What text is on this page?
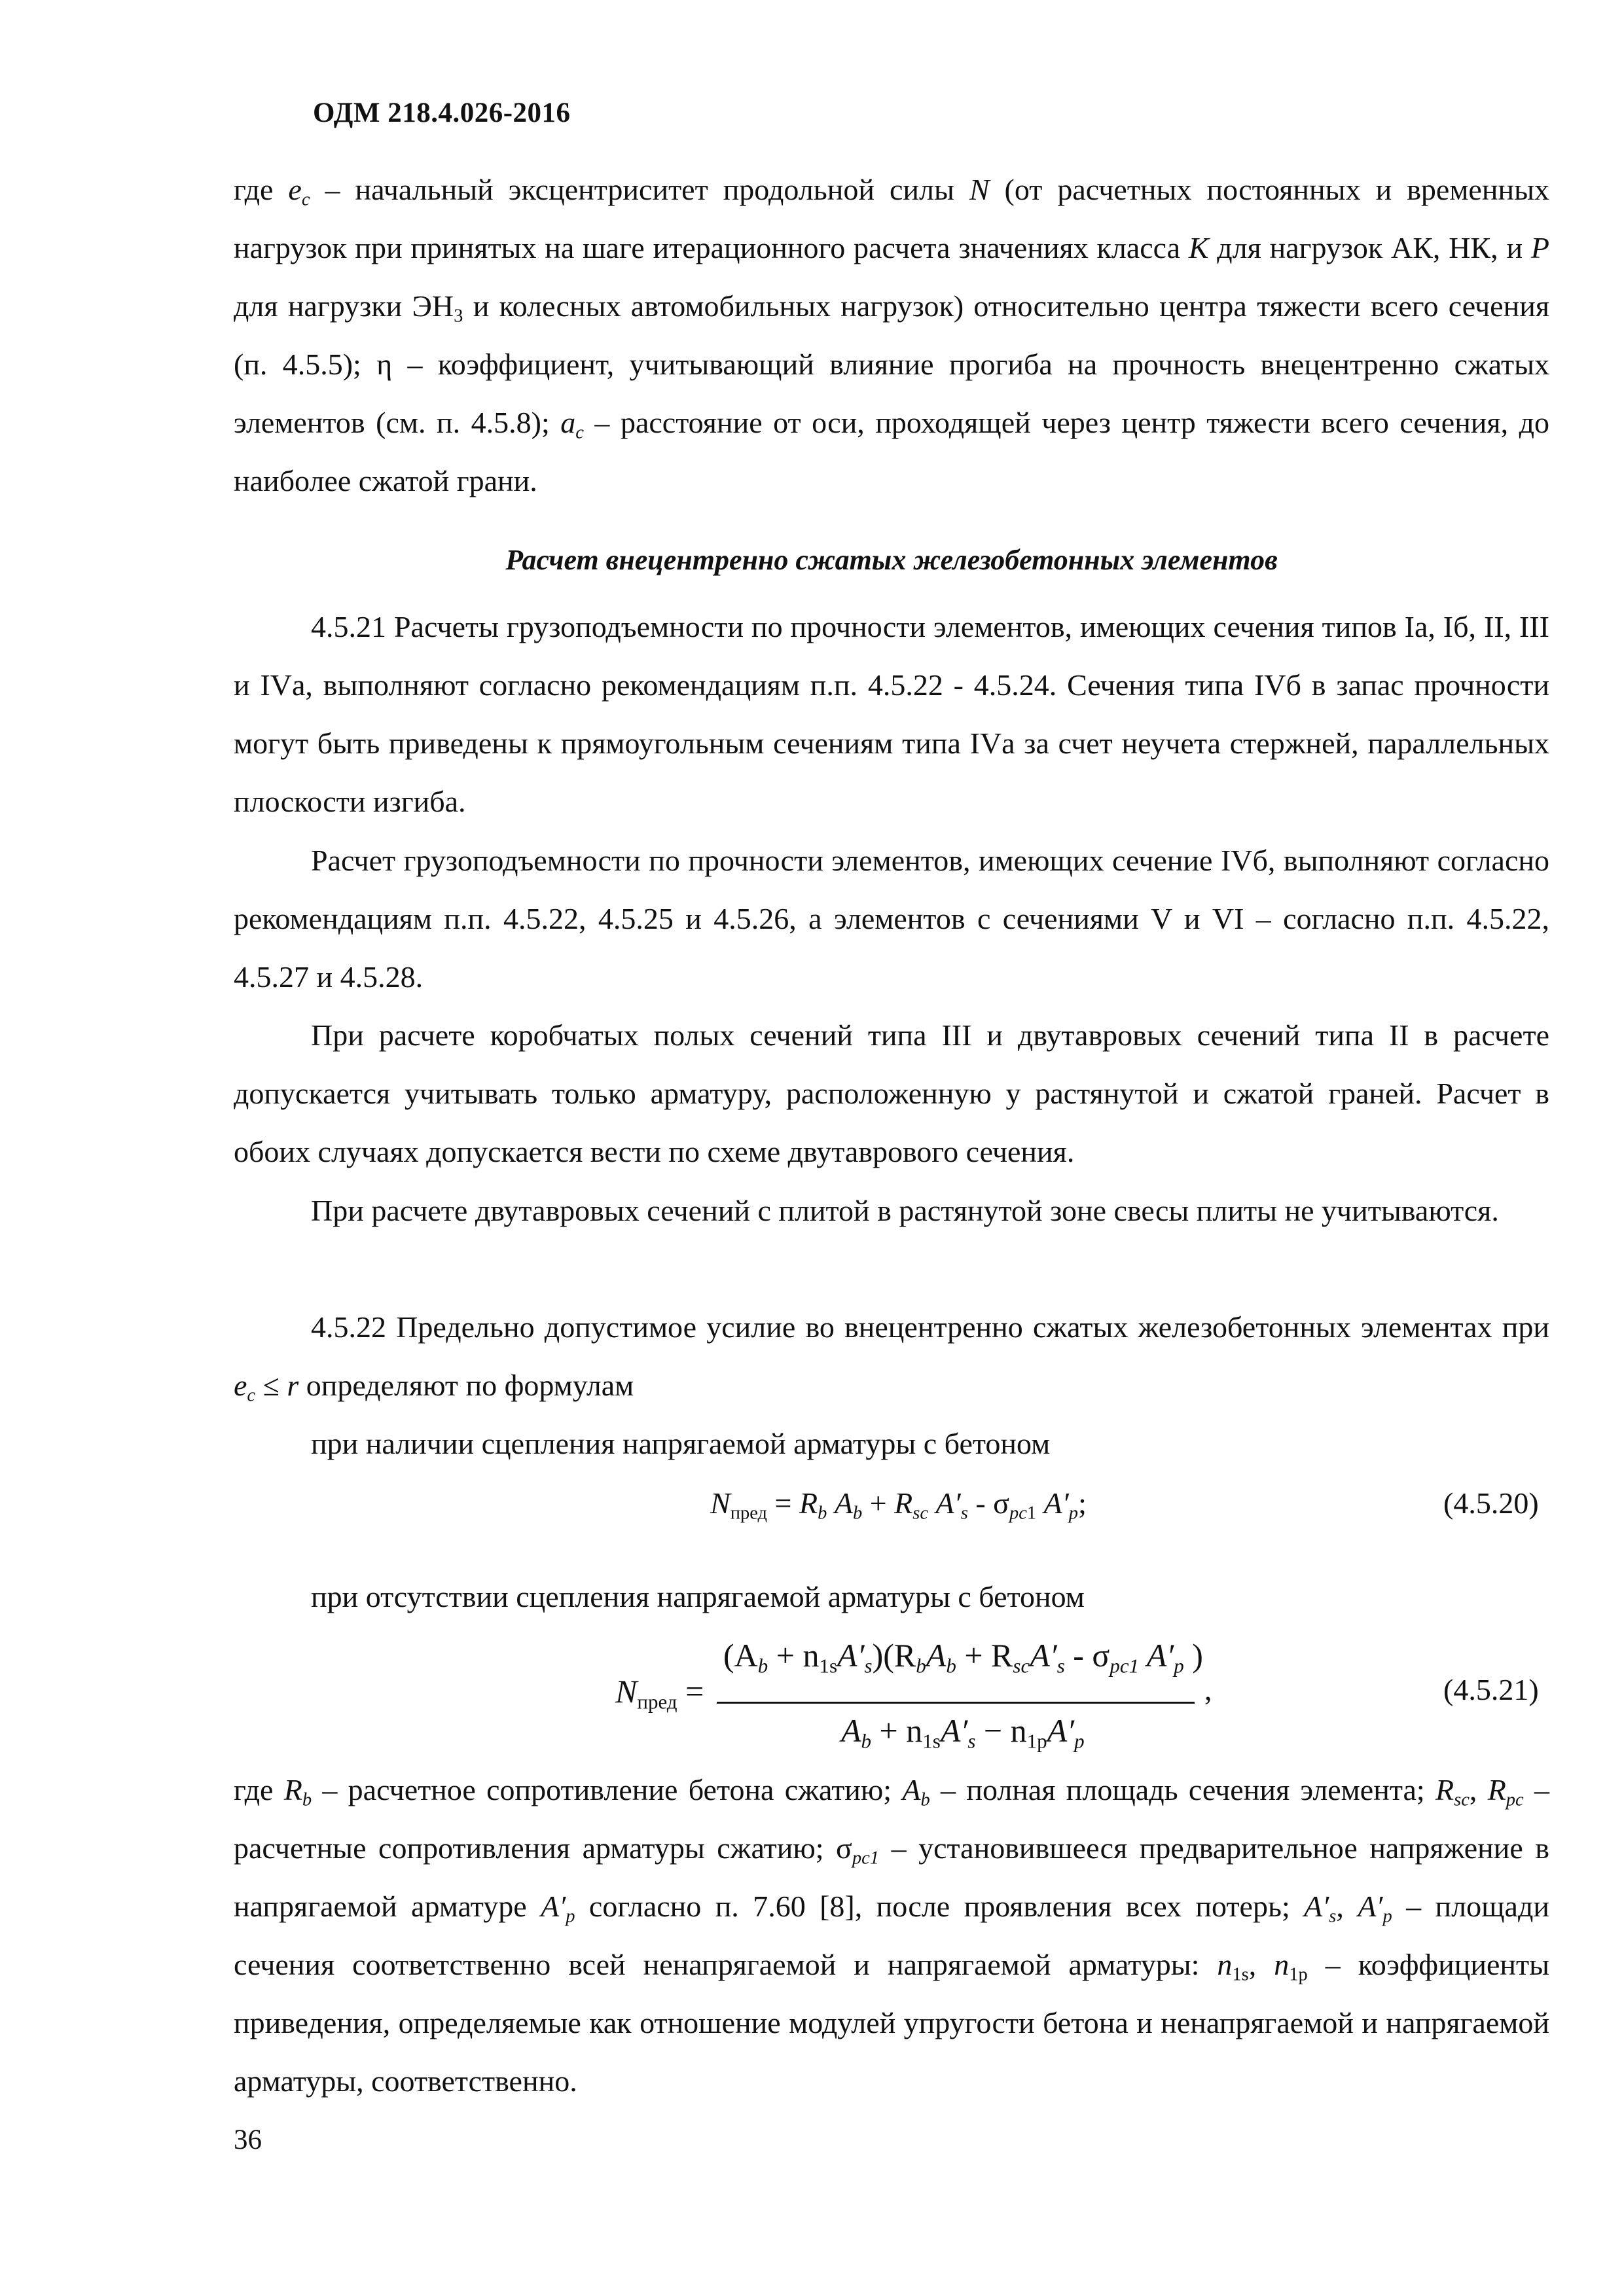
ОДМ 218.4.026-2016

где $e_c$ – начальный эксцентриситет продольной силы N (от расчетных постоянных и временных нагрузок при принятых на шаге итерационного расчета значениях класса К для нагрузок АК, НК, и Р для нагрузки $ЭН_3$ и колесных автомобильных нагрузок) относительно центра тяжести всего сечения (п. 4.5.5); η – коэффициент, учитывающий влияние прогиба на прочность внецентренно сжатых элементов (см. п. 4.5.8); $a_c$ – расстояние от оси, проходящей через центр тяжести всего сечения, до наиболее сжатой грани.

Расчет внецентренно сжатых железобетонных элементов

4.5.21 Расчеты грузоподъемности по прочности элементов, имеющих сечения типов Iа, Iб, II, III и IVа, выполняют согласно рекомендациям п.п. 4.5.22 - 4.5.24. Сечения типа IVб в запас прочности могут быть приведены к прямоугольным сечениям типа IVа за счет неучета стержней, параллельных плоскости изгиба.

Расчет грузоподъемности по прочности элементов, имеющих сечение IVб, выполняют согласно рекомендациям п.п. 4.5.22, 4.5.25 и 4.5.26, а элементов с сечениями V и VI – согласно п.п. 4.5.22, 4.5.27 и 4.5.28.

При расчете коробчатых полых сечений типа III и двутавровых сечений типа II в расчете допускается учитывать только арматуру, расположенную у растянутой и сжатой граней. Расчет в обоих случаях допускается вести по схеме двутаврового сечения.

При расчете двутавровых сечений с плитой в растянутой зоне свесы плиты не учитываются.

4.5.22 Предельно допустимое усилие во внецентренно сжатых железобетонных элементах при $e_c \le r$ определяют по формулам

при наличии сцепления напрягаемой арматуры с бетоном

$N_{пред} = R_b$ $A_b + R_{sc}$ $A'_s - \sigma_{pc1}$ $A'_p$;	(4.5.20)

при отсутствии сцепления напрягаемой арматуры с бетоном

$N_{пред}$ =
$(A_b + n_{1s}A'_s)(R_bA_b + R_{sc}A'_s - \sigma_{pc1}$ $A'_p$ )
$A_b + n_{1s}A'_s - n_{1p}A'_p$
,	(4.5.21)

где $R_b$ – расчетное сопротивление бетона сжатию; $A_b$ – полная площадь сечения элемента; $R_{sc}$, $R_{pc}$ – расчетные сопротивления арматуры сжатию; $\sigma_{pc1}$ – установившееся предварительное напряжение в напрягаемой арматуре $A'_p$ согласно п. 7.60 [8], после проявления всех потерь; $A'_s$, $A'_p$ – площади сечения соответственно всей ненапрягаемой и напрягаемой арматуры: $n_{1s}$, $n_{1p}$ – коэффициенты приведения, определяемые как отношение модулей упругости бетона и ненапрягаемой и напрягаемой арматуры, соответственно.

36
